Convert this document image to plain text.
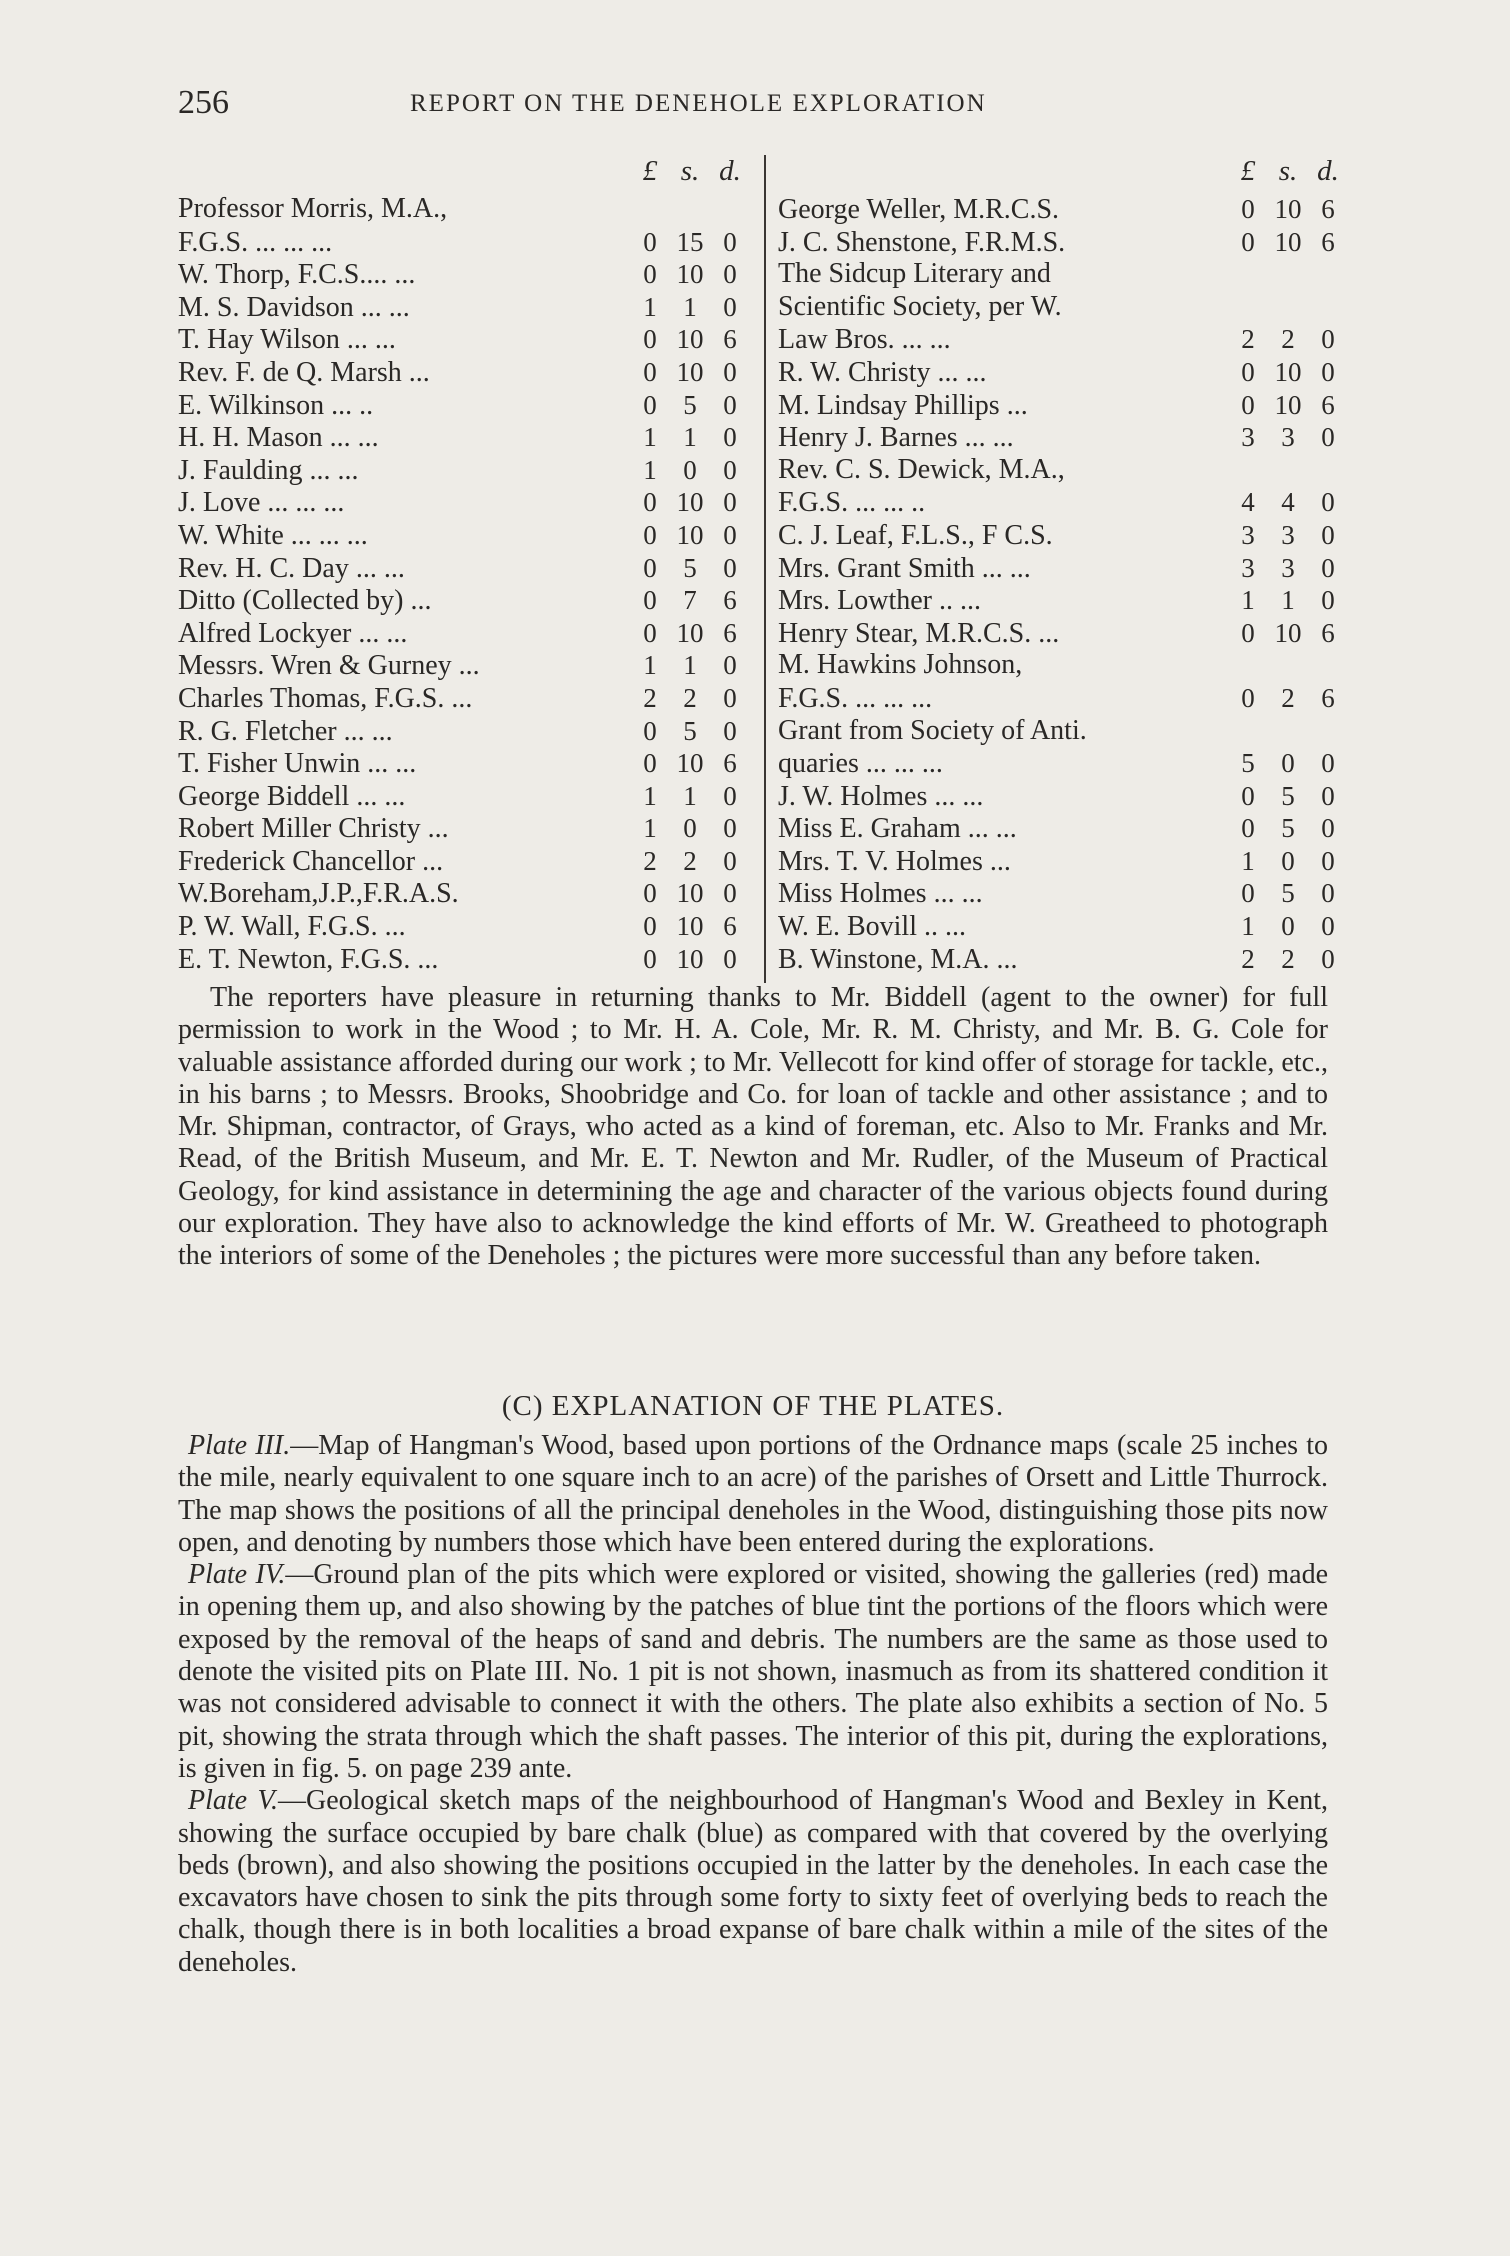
256	REPORT ON THE DENEHOLE EXPLORATION
£ s. d.
Professor Morris, M.A.,
F.G.S. ... ... ...	0 15 0
W. Thorp, F.C.S.... ...	0 10 0
M. S. Davidson ... ...	1 1 0
T. Hay Wilson ... ...	0 10 6
Rev. F. de Q. Marsh ...	0 10 0
E. Wilkinson ... ..	0 5 0
H. H. Mason ... ...	1 1 0
J. Faulding ... ...	1 0 0
J. Love ... ... ...	0 10 0
W. White ... ... ...	0 10 0
Rev. H. C. Day ... ...	0 5 0
Ditto (Collected by) ...	0 7 6
Alfred Lockyer ... ...	0 10 6
Messrs. Wren & Gurney ...	1 1 0
Charles Thomas, F.G.S. ...	2 2 0
R. G. Fletcher ... ...	0 5 0
T. Fisher Unwin ... ...	0 10 6
George Biddell ... ...	1 1 0
Robert Miller Christy ...	1 0 0
Frederick Chancellor ...	2 2 0
W.Boreham,J.P.,F.R.A.S.	0 10 0
P. W. Wall, F.G.S. ...	0 10 6
E. T. Newton, F.G.S. ...	0 10 0
£ s. d.
George Weller, M.R.C.S.	0 10 6
J. C. Shenstone, F.R.M.S.	0 10 6
The Sidcup Literary and
Scientific Society, per W.
Law Bros. ... ...	2 2 0
R. W. Christy ... ...	0 10 0
M. Lindsay Phillips ...	0 10 6
Henry J. Barnes ... ...	3 3 0
Rev. C. S. Dewick, M.A.,
F.G.S. ... ... ..	4 4 0
C. J. Leaf, F.L.S., F C.S.	3 3 0
Mrs. Grant Smith ... ...	3 3 0
Mrs. Lowther .. ...	1 1 0
Henry Stear, M.R.C.S. ...	0 10 6
M. Hawkins Johnson,
F.G.S. ... ... ...	0 2 6
Grant from Society of Anti.
quaries ... ... ...	5 0 0
J. W. Holmes ... ...	0 5 0
Miss E. Graham ... ...	0 5 0
Mrs. T. V. Holmes ...	1 0 0
Miss Holmes ... ...	0 5 0
W. E. Bovill .. ...	1 0 0
B. Winstone, M.A. ...	2 2 0

The reporters have pleasure in returning thanks to Mr. Biddell (agent to the owner) for full permission to work in the Wood ; to Mr. H. A. Cole, Mr. R. M. Christy, and Mr. B. G. Cole for valuable assistance afforded during our work ; to Mr. Vellecott for kind offer of storage for tackle, etc., in his barns ; to Messrs. Brooks, Shoobridge and Co. for loan of tackle and other assistance ; and to Mr. Shipman, contractor, of Grays, who acted as a kind of foreman, etc. Also to Mr. Franks and Mr. Read, of the British Museum, and Mr. E. T. Newton and Mr. Rudler, of the Museum of Practical Geology, for kind assistance in determining the age and character of the various objects found during our exploration. They have also to acknowledge the kind efforts of Mr. W. Greatheed to photograph the interiors of some of the Deneholes ; the pictures were more successful than any before taken.

(C) EXPLANATION OF THE PLATES.

Plate III.—Map of Hangman's Wood, based upon portions of the Ordnance maps (scale 25 inches to the mile, nearly equivalent to one square inch to an acre) of the parishes of Orsett and Little Thurrock. The map shows the positions of all the principal deneholes in the Wood, distinguishing those pits now open, and denoting by numbers those which have been entered during the explorations.

Plate IV.—Ground plan of the pits which were explored or visited, showing the galleries (red) made in opening them up, and also showing by the patches of blue tint the portions of the floors which were exposed by the removal of the heaps of sand and debris. The numbers are the same as those used to denote the visited pits on Plate III. No. 1 pit is not shown, inasmuch as from its shattered condition it was not considered advisable to connect it with the others. The plate also exhibits a section of No. 5 pit, showing the strata through which the shaft passes. The interior of this pit, during the explorations, is given in fig. 5. on page 239 ante.

Plate V.—Geological sketch maps of the neighbourhood of Hangman's Wood and Bexley in Kent, showing the surface occupied by bare chalk (blue) as compared with that covered by the overlying beds (brown), and also showing the positions occupied in the latter by the deneholes. In each case the excavators have chosen to sink the pits through some forty to sixty feet of overlying beds to reach the chalk, though there is in both localities a broad expanse of bare chalk within a mile of the sites of the deneholes.
